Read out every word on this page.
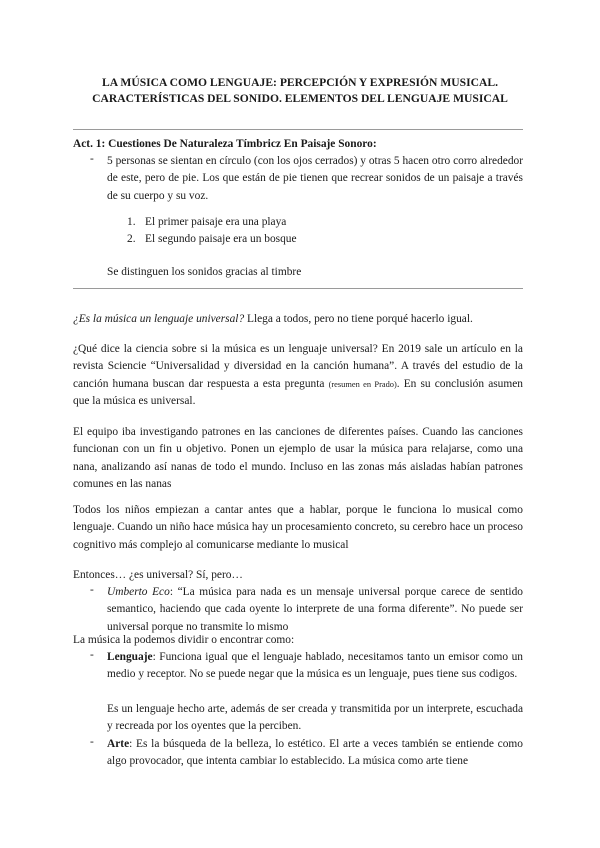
LA MÚSICA COMO LENGUAJE: PERCEPCIÓN Y EXPRESIÓN MUSICAL.
CARACTERÍSTICAS DEL SONIDO. ELEMENTOS DEL LENGUAJE MUSICAL
Act. 1: Cuestiones De Naturaleza Tímbricz En Paisaje Sonoro:
- 5 personas se sientan en círculo (con los ojos cerrados) y otras 5 hacen otro corro alrededor de este, pero de pie. Los que están de pie tienen que recrear sonidos de un paisaje a través de su cuerpo y su voz.
1. El primer paisaje era una playa
2. El segundo paisaje era un bosque
Se distinguen los sonidos gracias al timbre
¿Es la música un lenguaje universal? Llega a todos, pero no tiene porqué hacerlo igual.
¿Qué dice la ciencia sobre si la música es un lenguaje universal? En 2019 sale un artículo en la revista Sciencie “Universalidad y diversidad en la canción humana”. A través del estudio de la canción humana buscan dar respuesta a esta pregunta (resumen en Prado). En su conclusión asumen que la música es universal.
El equipo iba investigando patrones en las canciones de diferentes países. Cuando las canciones funcionan con un fin u objetivo. Ponen un ejemplo de usar la música para relajarse, como una nana, analizando así nanas de todo el mundo. Incluso en las zonas más aisladas habían patrones comunes en las nanas
Todos los niños empiezan a cantar antes que a hablar, porque le funciona lo musical como lenguaje. Cuando un niño hace música hay un procesamiento concreto, su cerebro hace un proceso cognitivo más complejo al comunicarse mediante lo musical
Entonces… ¿es universal? Sí, pero…
- Umberto Eco: “La música para nada es un mensaje universal porque carece de sentido semantico, haciendo que cada oyente lo interprete de una forma diferente”. No puede ser universal porque no transmite lo mismo
La música la podemos dividir o encontrar como:
- Lenguaje: Funciona igual que el lenguaje hablado, necesitamos tanto un emisor como un medio y receptor. No se puede negar que la música es un lenguaje, pues tiene sus codigos.
Es un lenguaje hecho arte, además de ser creada y transmitida por un interprete, escuchada y recreada por los oyentes que la perciben.
- Arte: Es la búsqueda de la belleza, lo estético. El arte a veces también se entiende como algo provocador, que intenta cambiar lo establecido. La música como arte tiene
